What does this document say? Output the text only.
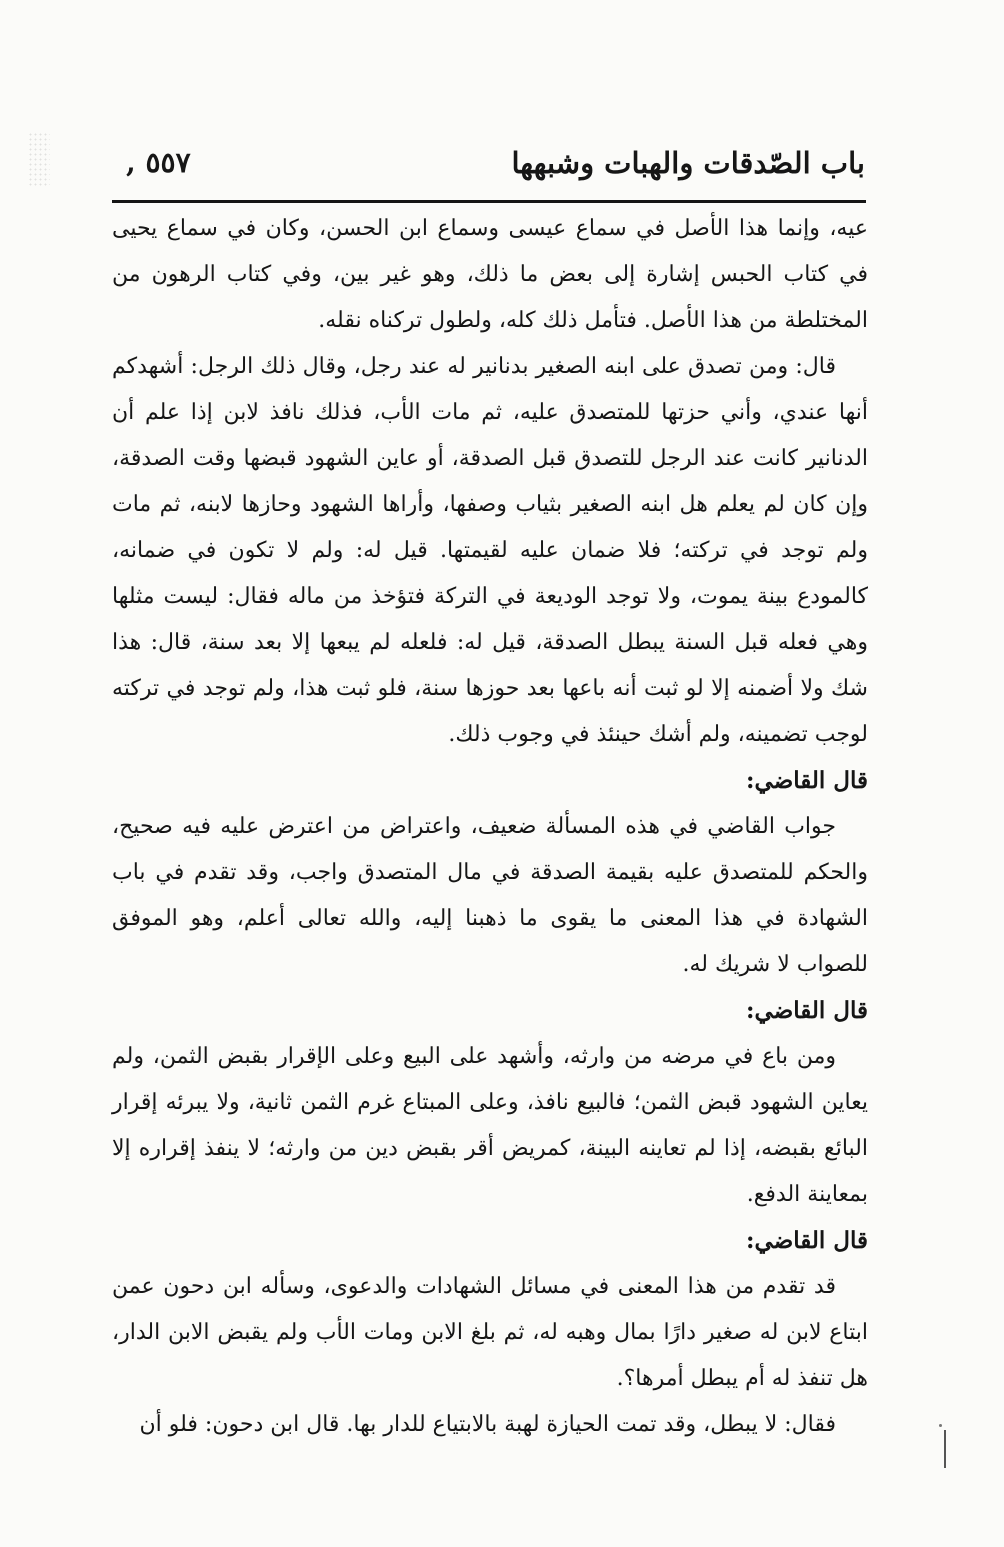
باب الصّدقات والهبات وشبهها
٥٥٧ ,

عيه، وإنما هذا الأصل في سماع عيسى وسماع ابن الحسن، وكان في سماع يحيى في كتاب الحبس إشارة إلى بعض ما ذلك، وهو غير بين، وفي كتاب الرهون من المختلطة من هذا الأصل. فتأمل ذلك كله، ولطول تركناه نقله.

قال: ومن تصدق على ابنه الصغير بدنانير له عند رجل، وقال ذلك الرجل: أشهدكم أنها عندي، وأني حزتها للمتصدق عليه، ثم مات الأب، فذلك نافذ لابن إذا علم أن الدنانير كانت عند الرجل للتصدق قبل الصدقة، أو عاين الشهود قبضها وقت الصدقة، وإن كان لم يعلم هل ابنه الصغير بثياب وصفها، وأراها الشهود وحازها لابنه، ثم مات ولم توجد في تركته؛ فلا ضمان عليه لقيمتها. قيل له: ولم لا تكون في ضمانه، كالمودع بينة يموت، ولا توجد الوديعة في التركة فتؤخذ من ماله فقال: ليست مثلها وهي فعله قبل السنة يبطل الصدقة، قيل له: فلعله لم يبعها إلا بعد سنة، قال: هذا شك ولا أضمنه إلا لو ثبت أنه باعها بعد حوزها سنة، فلو ثبت هذا، ولم توجد في تركته لوجب تضمينه، ولم أشك حينئذ في وجوب ذلك.

قال القاضي:

جواب القاضي في هذه المسألة ضعيف، واعتراض من اعترض عليه فيه صحيح، والحكم للمتصدق عليه بقيمة الصدقة في مال المتصدق واجب، وقد تقدم في باب الشهادة في هذا المعنى ما يقوى ما ذهبنا إليه، والله تعالى أعلم، وهو الموفق للصواب لا شريك له.

قال القاضي:

ومن باع في مرضه من وارثه، وأشهد على البيع وعلى الإقرار بقبض الثمن، ولم يعاين الشهود قبض الثمن؛ فالبيع نافذ، وعلى المبتاع غرم الثمن ثانية، ولا يبرئه إقرار البائع بقبضه، إذا لم تعاينه البينة، كمريض أقر بقبض دين من وارثه؛ لا ينفذ إقراره إلا بمعاينة الدفع.

قال القاضي:

قد تقدم من هذا المعنى في مسائل الشهادات والدعوى، وسأله ابن دحون عمن ابتاع لابن له صغير دارًا بمال وهبه له، ثم بلغ الابن ومات الأب ولم يقبض الابن الدار، هل تنفذ له أم يبطل أمرها؟.

فقال: لا يبطل، وقد تمت الحيازة لهبة بالابتياع للدار بها. قال ابن دحون: فلو أن
